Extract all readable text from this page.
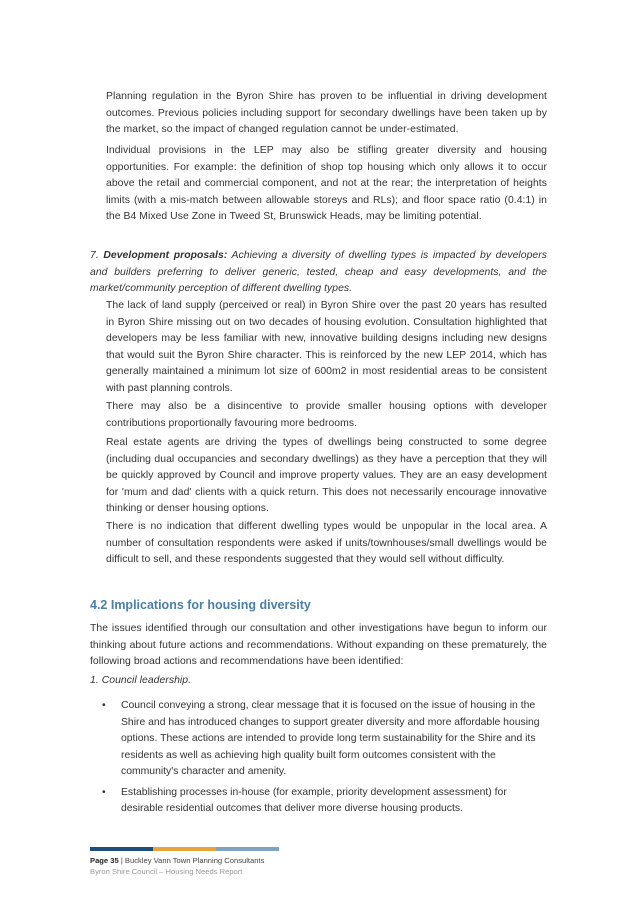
Planning regulation in the Byron Shire has proven to be influential in driving development outcomes. Previous policies including support for secondary dwellings have been taken up by the market, so the impact of changed regulation cannot be under-estimated.

Individual provisions in the LEP may also be stifling greater diversity and housing opportunities. For example: the definition of shop top housing which only allows it to occur above the retail and commercial component, and not at the rear; the interpretation of heights limits (with a mis-match between allowable storeys and RLs); and floor space ratio (0.4:1) in the B4 Mixed Use Zone in Tweed St, Brunswick Heads, may be limiting potential.

7. Development proposals: Achieving a diversity of dwelling types is impacted by developers and builders preferring to deliver generic, tested, cheap and easy developments, and the market/community perception of different dwelling types.

The lack of land supply (perceived or real) in Byron Shire over the past 20 years has resulted in Byron Shire missing out on two decades of housing evolution. Consultation highlighted that developers may be less familiar with new, innovative building designs including new designs that would suit the Byron Shire character. This is reinforced by the new LEP 2014, which has generally maintained a minimum lot size of 600m2 in most residential areas to be consistent with past planning controls.

There may also be a disincentive to provide smaller housing options with developer contributions proportionally favouring more bedrooms.

Real estate agents are driving the types of dwellings being constructed to some degree (including dual occupancies and secondary dwellings) as they have a perception that they will be quickly approved by Council and improve property values. They are an easy development for 'mum and dad' clients with a quick return. This does not necessarily encourage innovative thinking or denser housing options.

There is no indication that different dwelling types would be unpopular in the local area. A number of consultation respondents were asked if units/townhouses/small dwellings would be difficult to sell, and these respondents suggested that they would sell without difficulty.

4.2 Implications for housing diversity

The issues identified through our consultation and other investigations have begun to inform our thinking about future actions and recommendations. Without expanding on these prematurely, the following broad actions and recommendations have been identified:

1. Council leadership.

• Council conveying a strong, clear message that it is focused on the issue of housing in the Shire and has introduced changes to support greater diversity and more affordable housing options. These actions are intended to provide long term sustainability for the Shire and its residents as well as achieving high quality built form outcomes consistent with the community's character and amenity.
• Establishing processes in-house (for example, priority development assessment) for desirable residential outcomes that deliver more diverse housing products.

Page 35 | Buckley Vann Town Planning Consultants

Byron Shire Council – Housing Needs Report
